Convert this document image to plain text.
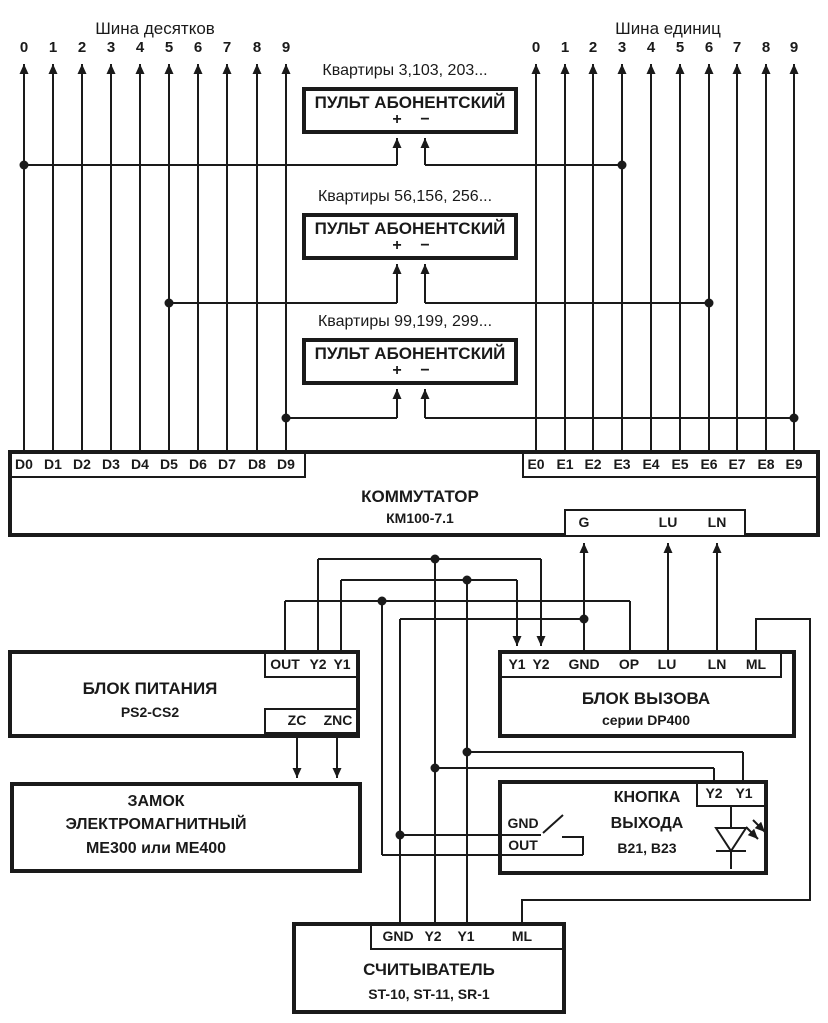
Шина десятков	Шина единиц
0	1	2	3	4	5	6	7	8	9	0	1	2	3	4	5	6	7	8	9
Квартиры 3,103, 203...
ПУЛЬТ АБОНЕНТСКИЙ
+	−
Квартиры 56,156, 256...
ПУЛЬТ АБОНЕНТСКИЙ
+	−
Квартиры 99,199, 299...
ПУЛЬТ АБОНЕНТСКИЙ
+	−
D0 D1 D2 D3 D4 D5 D6 D7 D8 D9	E0 E1 E2 E3 E4 E5 E6 E7 E8 E9
КОММУТАТОР
КМ100-7.1	G	LU	LN
БЛОК ПИТАНИЯ
PS2-CS2
OUT Y2 Y1
ZC	ZNC
БЛОК ВЫЗОВА
серии DP400
Y1 Y2	GND	OP	LU	LN	ML
ЗАМОК
ЭЛЕКТРОМАГНИТНЫЙ
МЕ300 или МЕ400
КНОПКА
ВЫХОДА
B21, B23
Y2 Y1
GND
OUT
СЧИТЫВАТЕЛЬ
ST-10, ST-11, SR-1
GND Y2	Y1	ML
